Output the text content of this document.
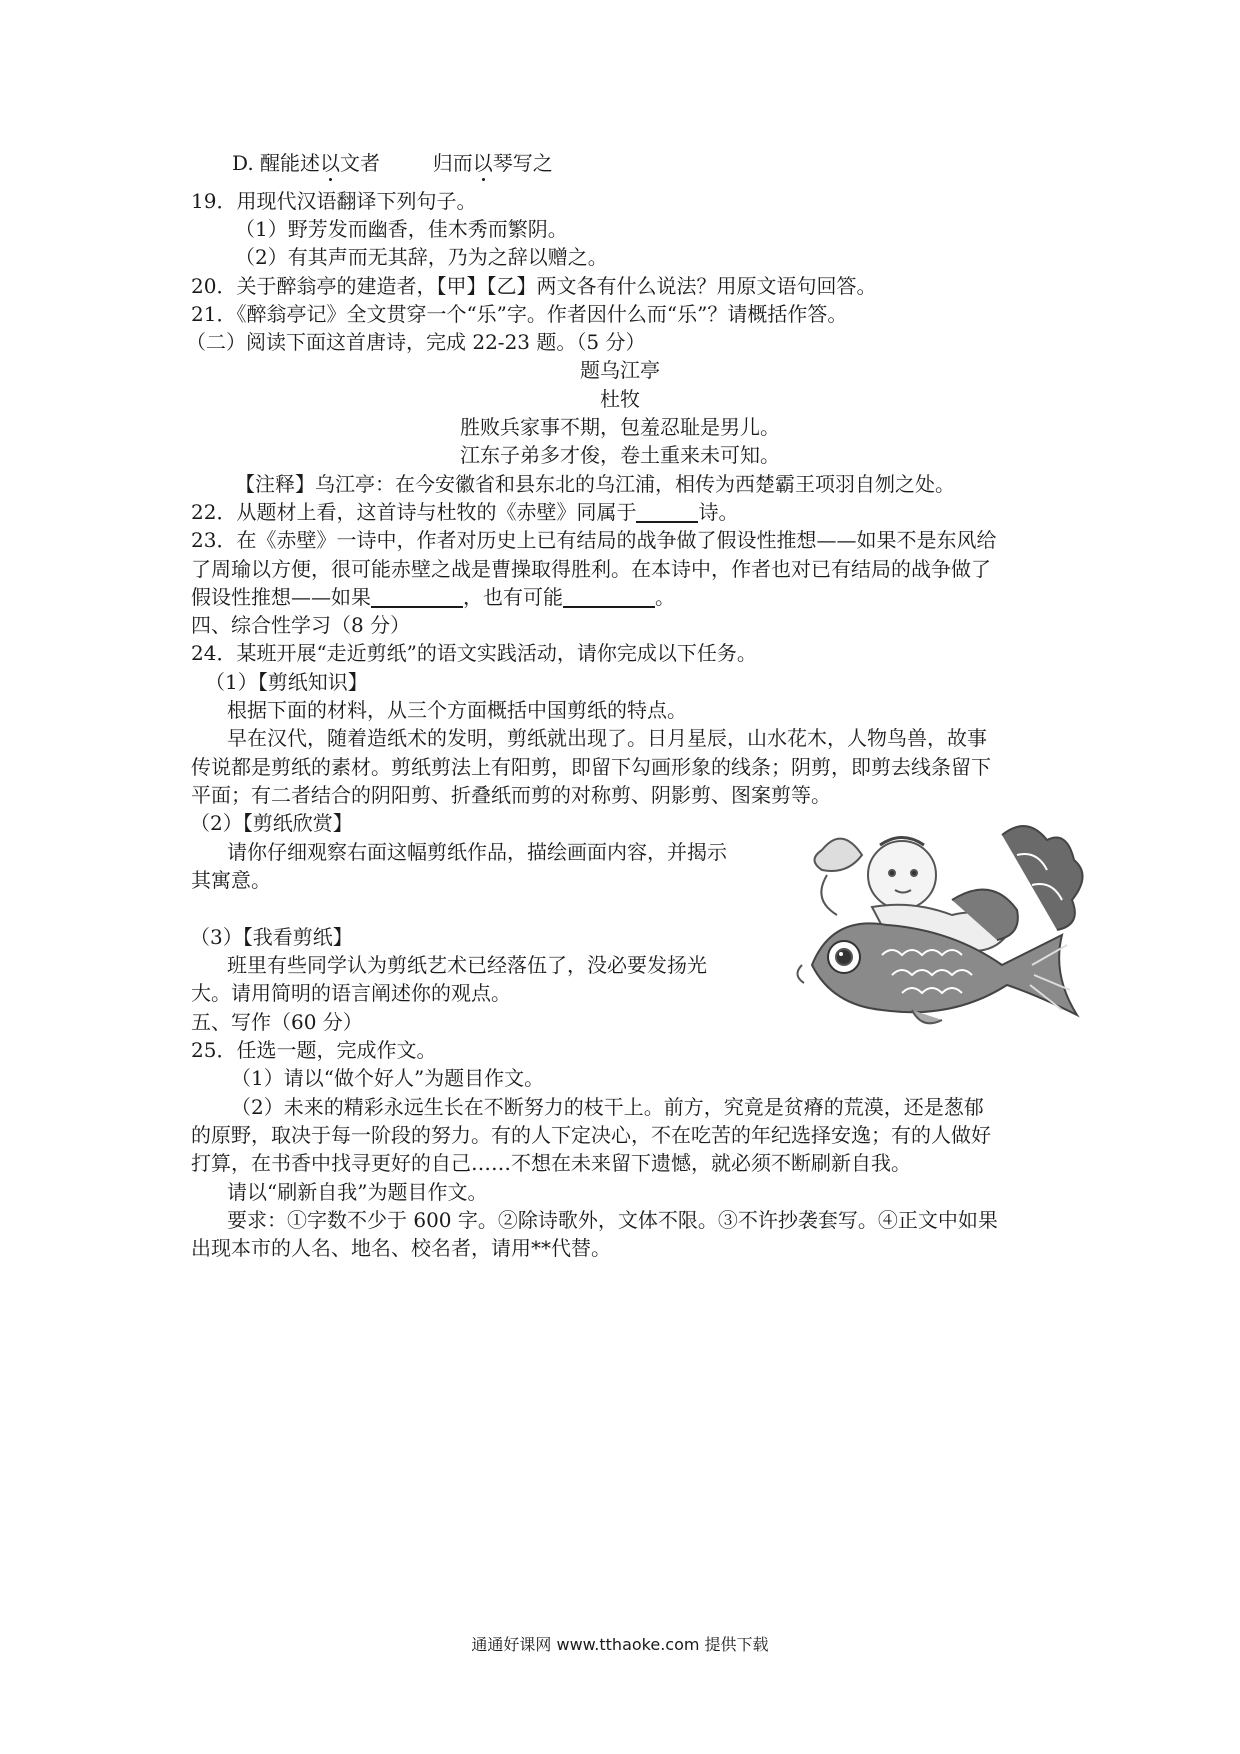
D. 醒能述以文者	归而以琴写之
19．用现代汉语翻译下列句子。
（1）野芳发而幽香，佳木秀而繁阴。
（2）有其声而无其辞，乃为之辞以赠之。
20．关于醉翁亭的建造者，【甲】【乙】两文各有什么说法？用原文语句回答。
21．《醉翁亭记》全文贯穿一个“乐”字。作者因什么而“乐”？请概括作答。
（二）阅读下面这首唐诗，完成 22-23 题。（5 分）
题乌江亭
杜牧
胜败兵家事不期，包羞忍耻是男儿。
江东子弟多才俊，卷土重来未可知。
【注释】乌江亭：在今安徽省和县东北的乌江浦，相传为西楚霸王项羽自刎之处。
22．从题材上看，这首诗与杜牧的《赤壁》同属于	诗。
23．在《赤壁》一诗中，作者对历史上已有结局的战争做了假设性推想——如果不是东风给
了周瑜以方便，很可能赤壁之战是曹操取得胜利。在本诗中，作者也对已有结局的战争做了
假设性推想——如果	，也有可能	。
四、综合性学习（8 分）
24．某班开展“走近剪纸”的语文实践活动，请你完成以下任务。
（1）【剪纸知识】
根据下面的材料，从三个方面概括中国剪纸的特点。
早在汉代，随着造纸术的发明，剪纸就出现了。日月星辰，山水花木，人物鸟兽，故事
传说都是剪纸的素材。剪纸剪法上有阳剪，即留下勾画形象的线条；阴剪，即剪去线条留下
平面；有二者结合的阴阳剪、折叠纸而剪的对称剪、阴影剪、图案剪等。
（2）【剪纸欣赏】
请你仔细观察右面这幅剪纸作品，描绘画面内容，并揭示
其寓意。
（3）【我看剪纸】
班里有些同学认为剪纸艺术已经落伍了，没必要发扬光
大。请用简明的语言阐述你的观点。
五、写作（60 分）
25．任选一题，完成作文。
（1）请以“做个好人”为题目作文。
（2）未来的精彩永远生长在不断努力的枝干上。前方，究竟是贫瘠的荒漠，还是葱郁
的原野，取决于每一阶段的努力。有的人下定决心，不在吃苦的年纪选择安逸；有的人做好
打算，在书香中找寻更好的自己……不想在未来留下遗憾，就必须不断刷新自我。
请以“刷新自我”为题目作文。
要求：①字数不少于 600 字。②除诗歌外，文体不限。③不许抄袭套写。④正文中如果
出现本市的人名、地名、校名者，请用**代替。
通通好课网 www.tthaoke.com 提供下载
